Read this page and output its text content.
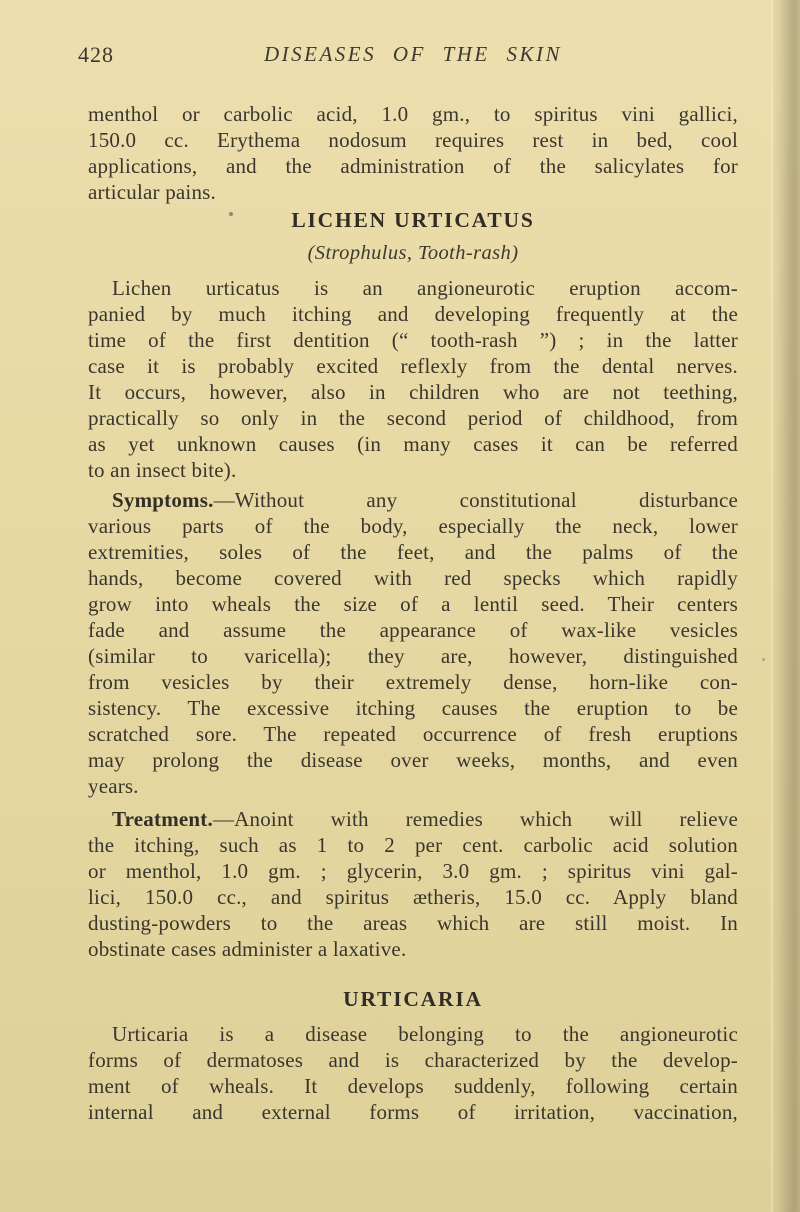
428	DISEASES OF THE SKIN
menthol or carbolic acid, 1.0 gm., to spiritus vini gallici,
150.0 cc. Erythema nodosum requires rest in bed, cool
applications, and the administration of the salicylates for
articular pains.
LICHEN URTICATUS
(Strophulus, Tooth-rash)
Lichen urticatus is an angioneurotic eruption accom-
panied by much itching and developing frequently at the
time of the first dentition (“ tooth-rash ”) ; in the latter
case it is probably excited reflexly from the dental nerves.
It occurs, however, also in children who are not teething,
practically so only in the second period of childhood, from
as yet unknown causes (in many cases it can be referred
to an insect bite).
Symptoms.—Without any constitutional disturbance
various parts of the body, especially the neck, lower
extremities, soles of the feet, and the palms of the
hands, become covered with red specks which rapidly
grow into wheals the size of a lentil seed. Their centers
fade and assume the appearance of wax-like vesicles
(similar to varicella); they are, however, distinguished
from vesicles by their extremely dense, horn-like con-
sistency. The excessive itching causes the eruption to be
scratched sore. The repeated occurrence of fresh eruptions
may prolong the disease over weeks, months, and even
years.
Treatment.—Anoint with remedies which will relieve
the itching, such as 1 to 2 per cent. carbolic acid solution
or menthol, 1.0 gm. ; glycerin, 3.0 gm. ; spiritus vini gal-
lici, 150.0 cc., and spiritus ætheris, 15.0 cc. Apply bland
dusting-powders to the areas which are still moist. In
obstinate cases administer a laxative.
URTICARIA
Urticaria is a disease belonging to the angioneurotic
forms of dermatoses and is characterized by the develop-
ment of wheals. It develops suddenly, following certain
internal and external forms of irritation, vaccination,
